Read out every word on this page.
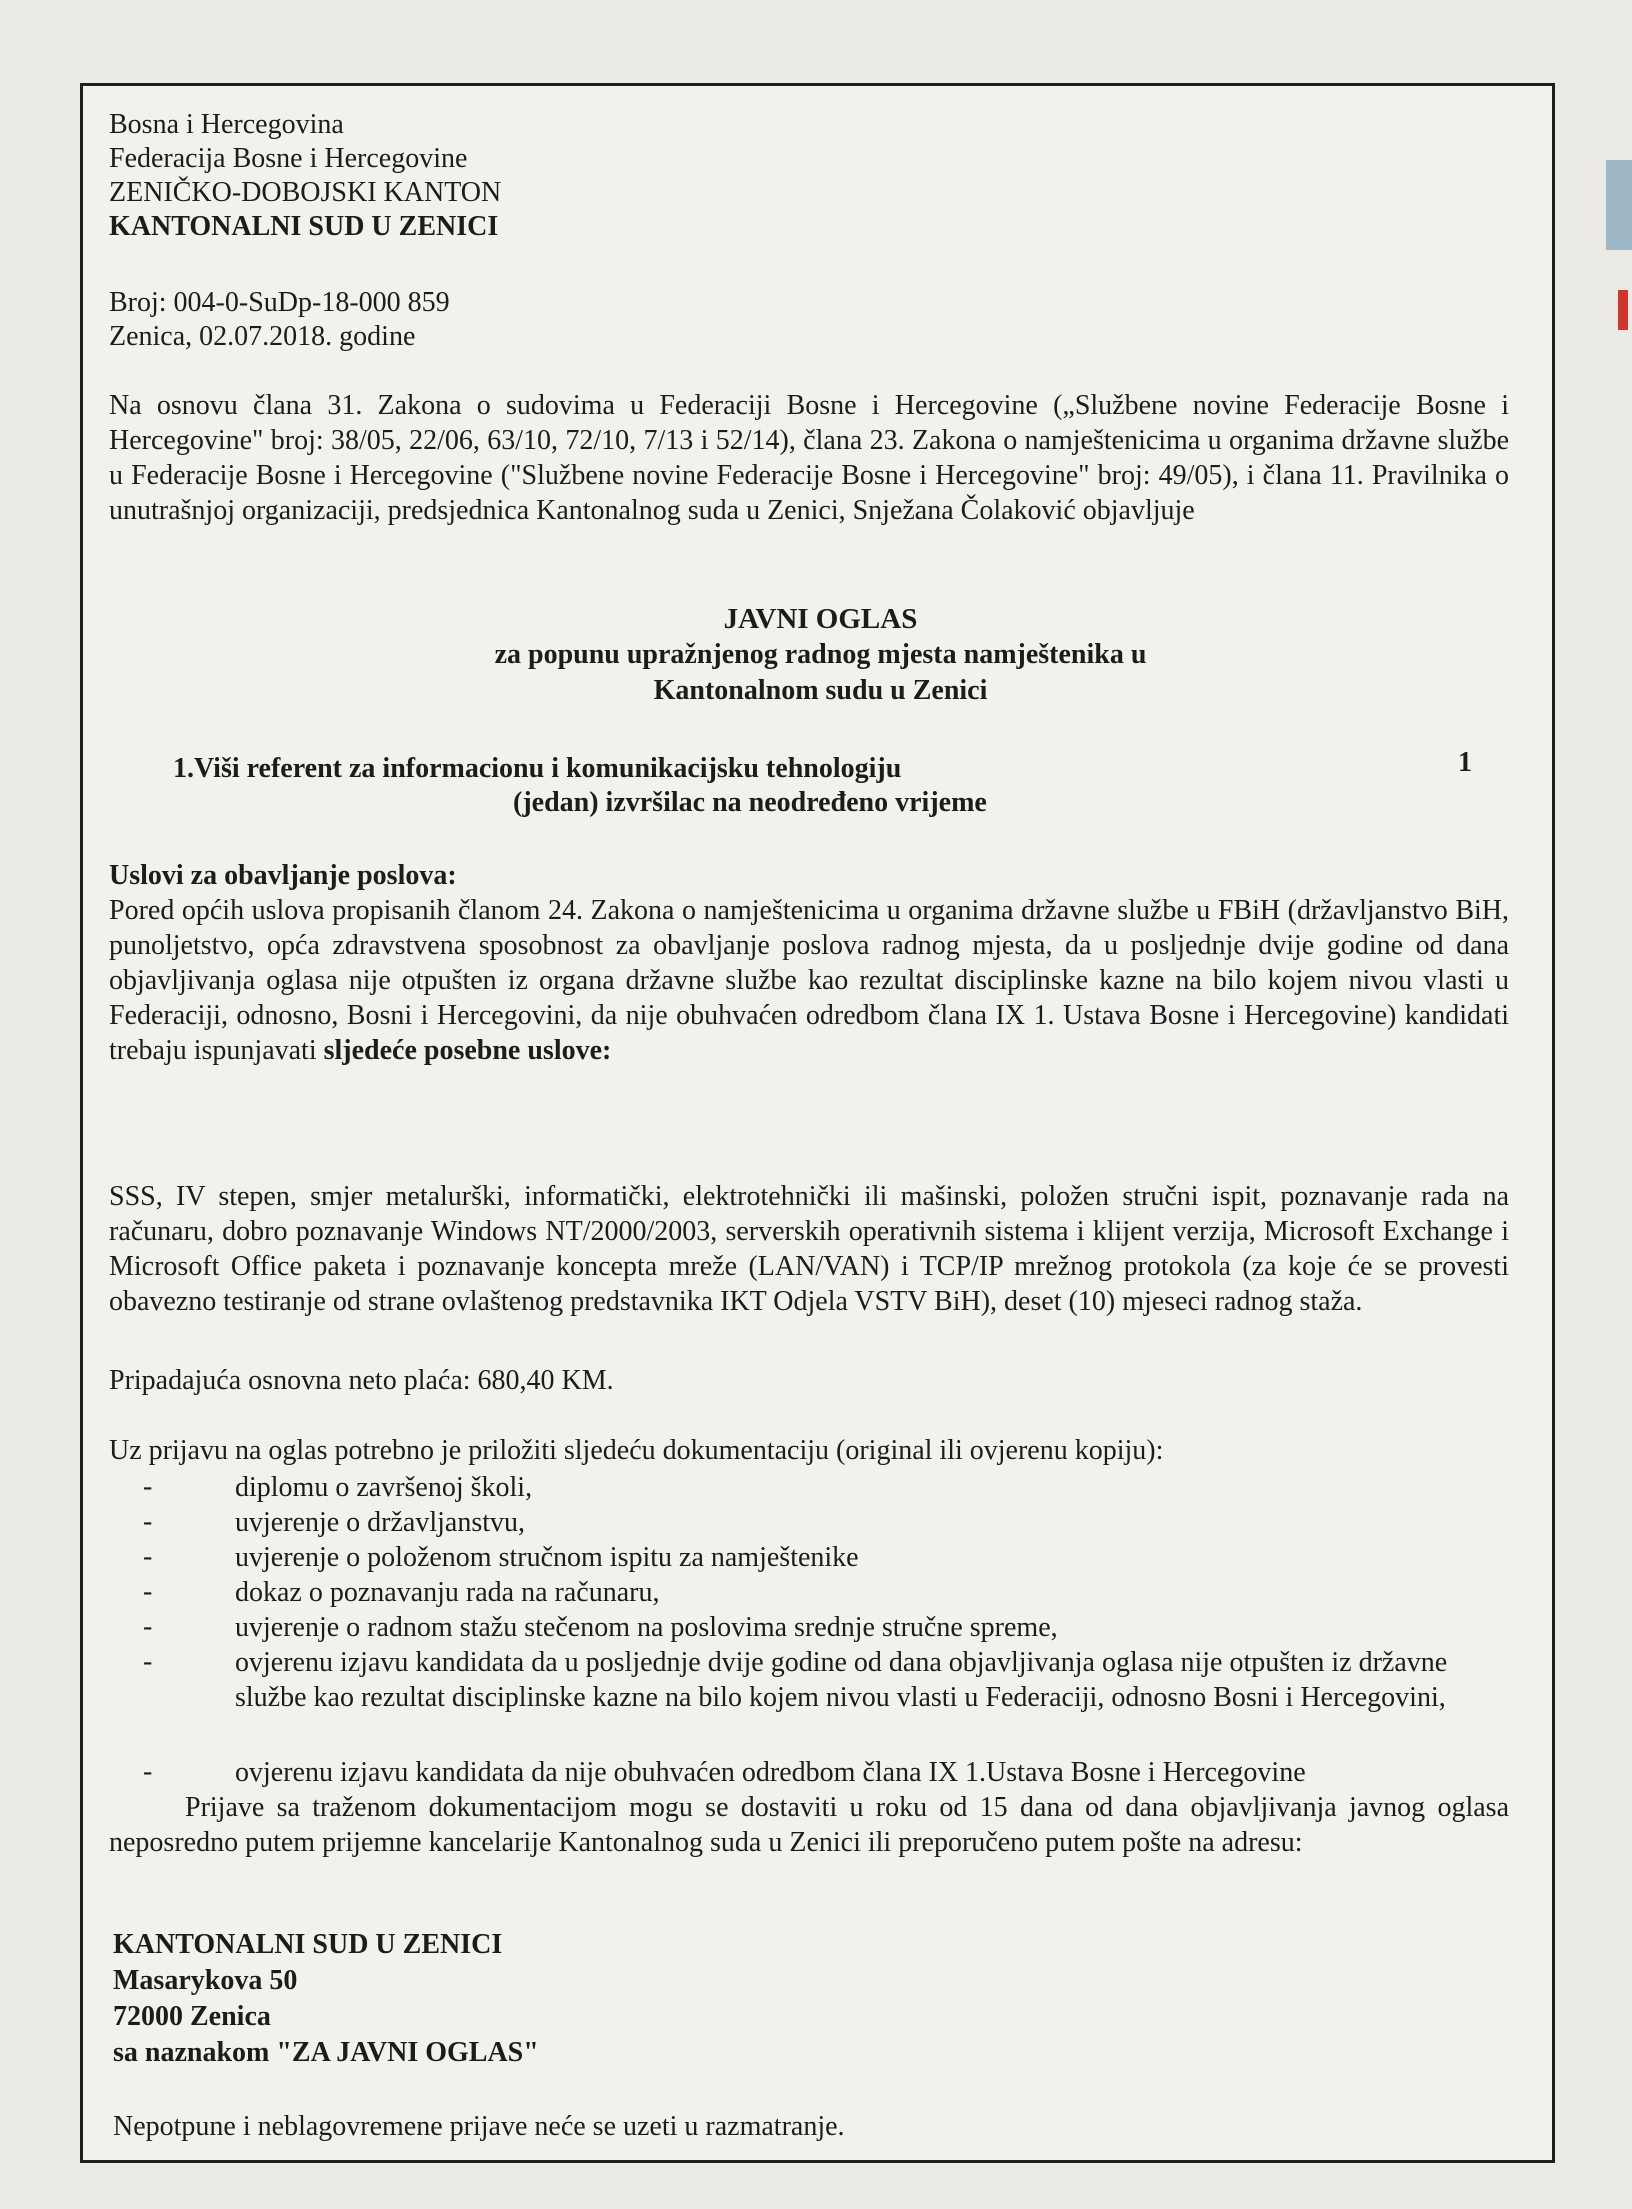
Bosna i Hercegovina
Federacija Bosne i Hercegovine
ZENIČKO-DOBOJSKI KANTON
KANTONALNI SUD U ZENICI
Broj: 004-0-SuDp-18-000 859
Zenica, 02.07.2018. godine
Na osnovu člana 31. Zakona o sudovima u Federaciji Bosne i Hercegovine („Službene novine Federacije Bosne i Hercegovine" broj: 38/05, 22/06, 63/10, 72/10, 7/13 i 52/14), člana 23. Zakona o namještenicima u organima državne službe u Federacije Bosne i Hercegovine ("Službene novine Federacije Bosne i Hercegovine" broj: 49/05), i člana 11. Pravilnika o unutrašnjoj organizaciji, predsjednica Kantonalnog suda u Zenici, Snježana Čolaković objavljuje
JAVNI OGLAS
za popunu upražnjenog radnog mjesta namještenika u
Kantonalnom sudu u Zenici
1.Viši referent za informacionu i komunikacijsku tehnologiju	1
(jedan) izvršilac na neodređeno vrijeme
Uslovi za obavljanje poslova:
Pored općih uslova propisanih članom 24. Zakona o namještenicima u organima državne službe u FBiH (državljanstvo BiH, punoljetstvo, opća zdravstvena sposobnost za obavljanje poslova radnog mjesta, da u posljednje dvije godine od dana objavljivanja oglasa nije otpušten iz organa državne službe kao rezultat disciplinske kazne na bilo kojem nivou vlasti u Federaciji, odnosno, Bosni i Hercegovini, da nije obuhvaćen odredbom člana IX 1. Ustava Bosne i Hercegovine) kandidati trebaju ispunjavati sljedeće posebne uslove:
SSS, IV stepen, smjer metalurški, informatički, elektrotehnički ili mašinski, položen stručni ispit, poznavanje rada na računaru, dobro poznavanje Windows NT/2000/2003, serverskih operativnih sistema i klijent verzija, Microsoft Exchange i Microsoft Office paketa i poznavanje koncepta mreže (LAN/VAN) i TCP/IP mrežnog protokola (za koje će se provesti obavezno testiranje od strane ovlaštenog predstavnika IKT Odjela VSTV BiH), deset (10) mjeseci radnog staža.
Pripadajuća osnovna neto plaća: 680,40 KM.
Uz prijavu na oglas potrebno je priložiti sljedeću dokumentaciju (original ili ovjerenu kopiju):
-	diplomu o završenoj školi,
-	uvjerenje o državljanstvu,
-	uvjerenje o položenom stručnom ispitu za namještenike
-	dokaz o poznavanju rada na računaru,
-	uvjerenje o radnom stažu stečenom na poslovima srednje stručne spreme,
-	ovjerenu izjavu kandidata da u posljednje dvije godine od dana objavljivanja oglasa nije otpušten iz državne službe kao rezultat disciplinske kazne na bilo kojem nivou vlasti u Federaciji, odnosno Bosni i Hercegovini,
-	ovjerenu izjavu kandidata da nije obuhvaćen odredbom člana IX 1.Ustava Bosne i Hercegovine
Prijave sa traženom dokumentacijom mogu se dostaviti u roku od 15 dana od dana objavljivanja javnog oglasa neposredno putem prijemne kancelarije Kantonalnog suda u Zenici ili preporučeno putem pošte na adresu:
KANTONALNI SUD U ZENICI
Masarykova 50
72000 Zenica
sa naznakom "ZA JAVNI OGLAS"
Nepotpune i neblagovremene prijave neće se uzeti u razmatranje.
